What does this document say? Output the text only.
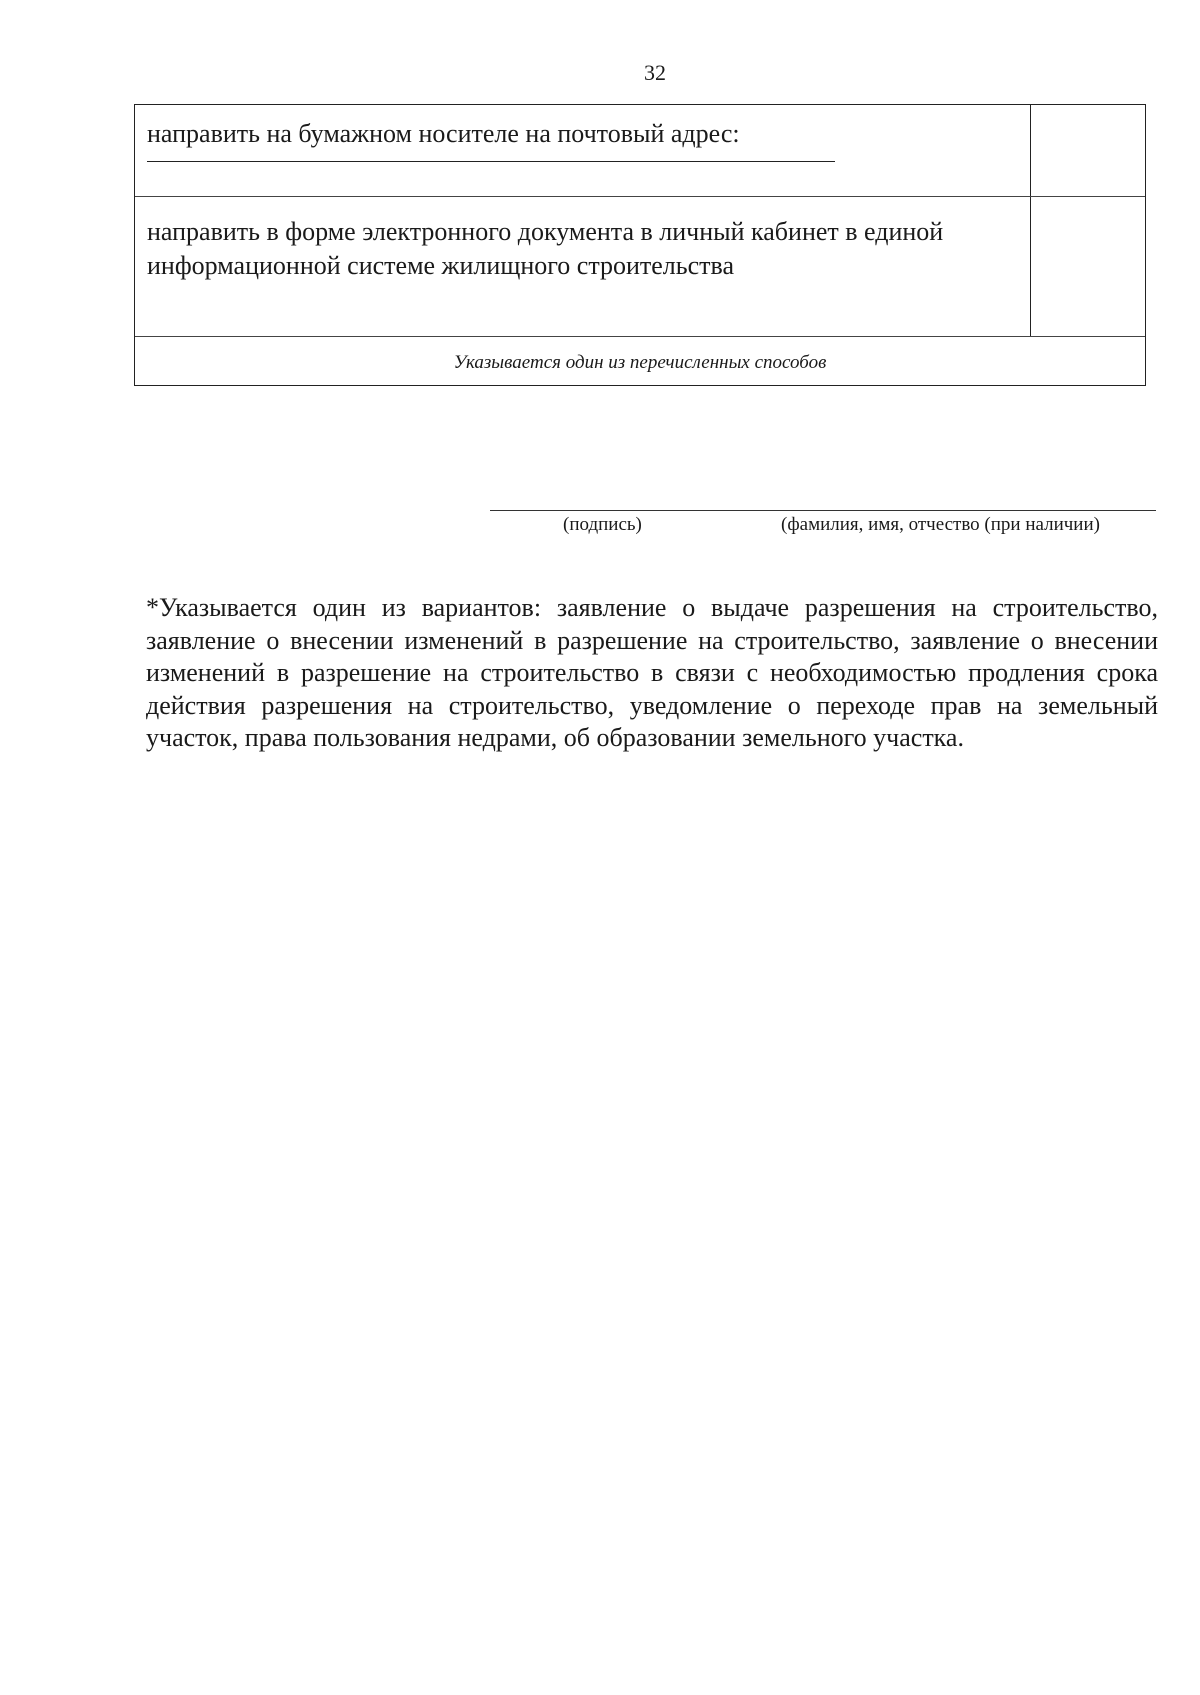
32
направить на бумажном носителе на почтовый адрес:
направить в форме электронного документа в личный кабинет в единой информационной системе жилищного строительства
Указывается один из перечисленных способов
(подпись)	(фамилия, имя, отчество (при наличии)
*Указывается один из вариантов: заявление о выдаче разрешения на строительство, заявление о внесении изменений в разрешение на строительство, заявление о внесении изменений в разрешение на строительство в связи с необходимостью продления срока действия разрешения на строительство, уведомление о переходе прав на земельный участок, права пользования недрами, об образовании земельного участка.
